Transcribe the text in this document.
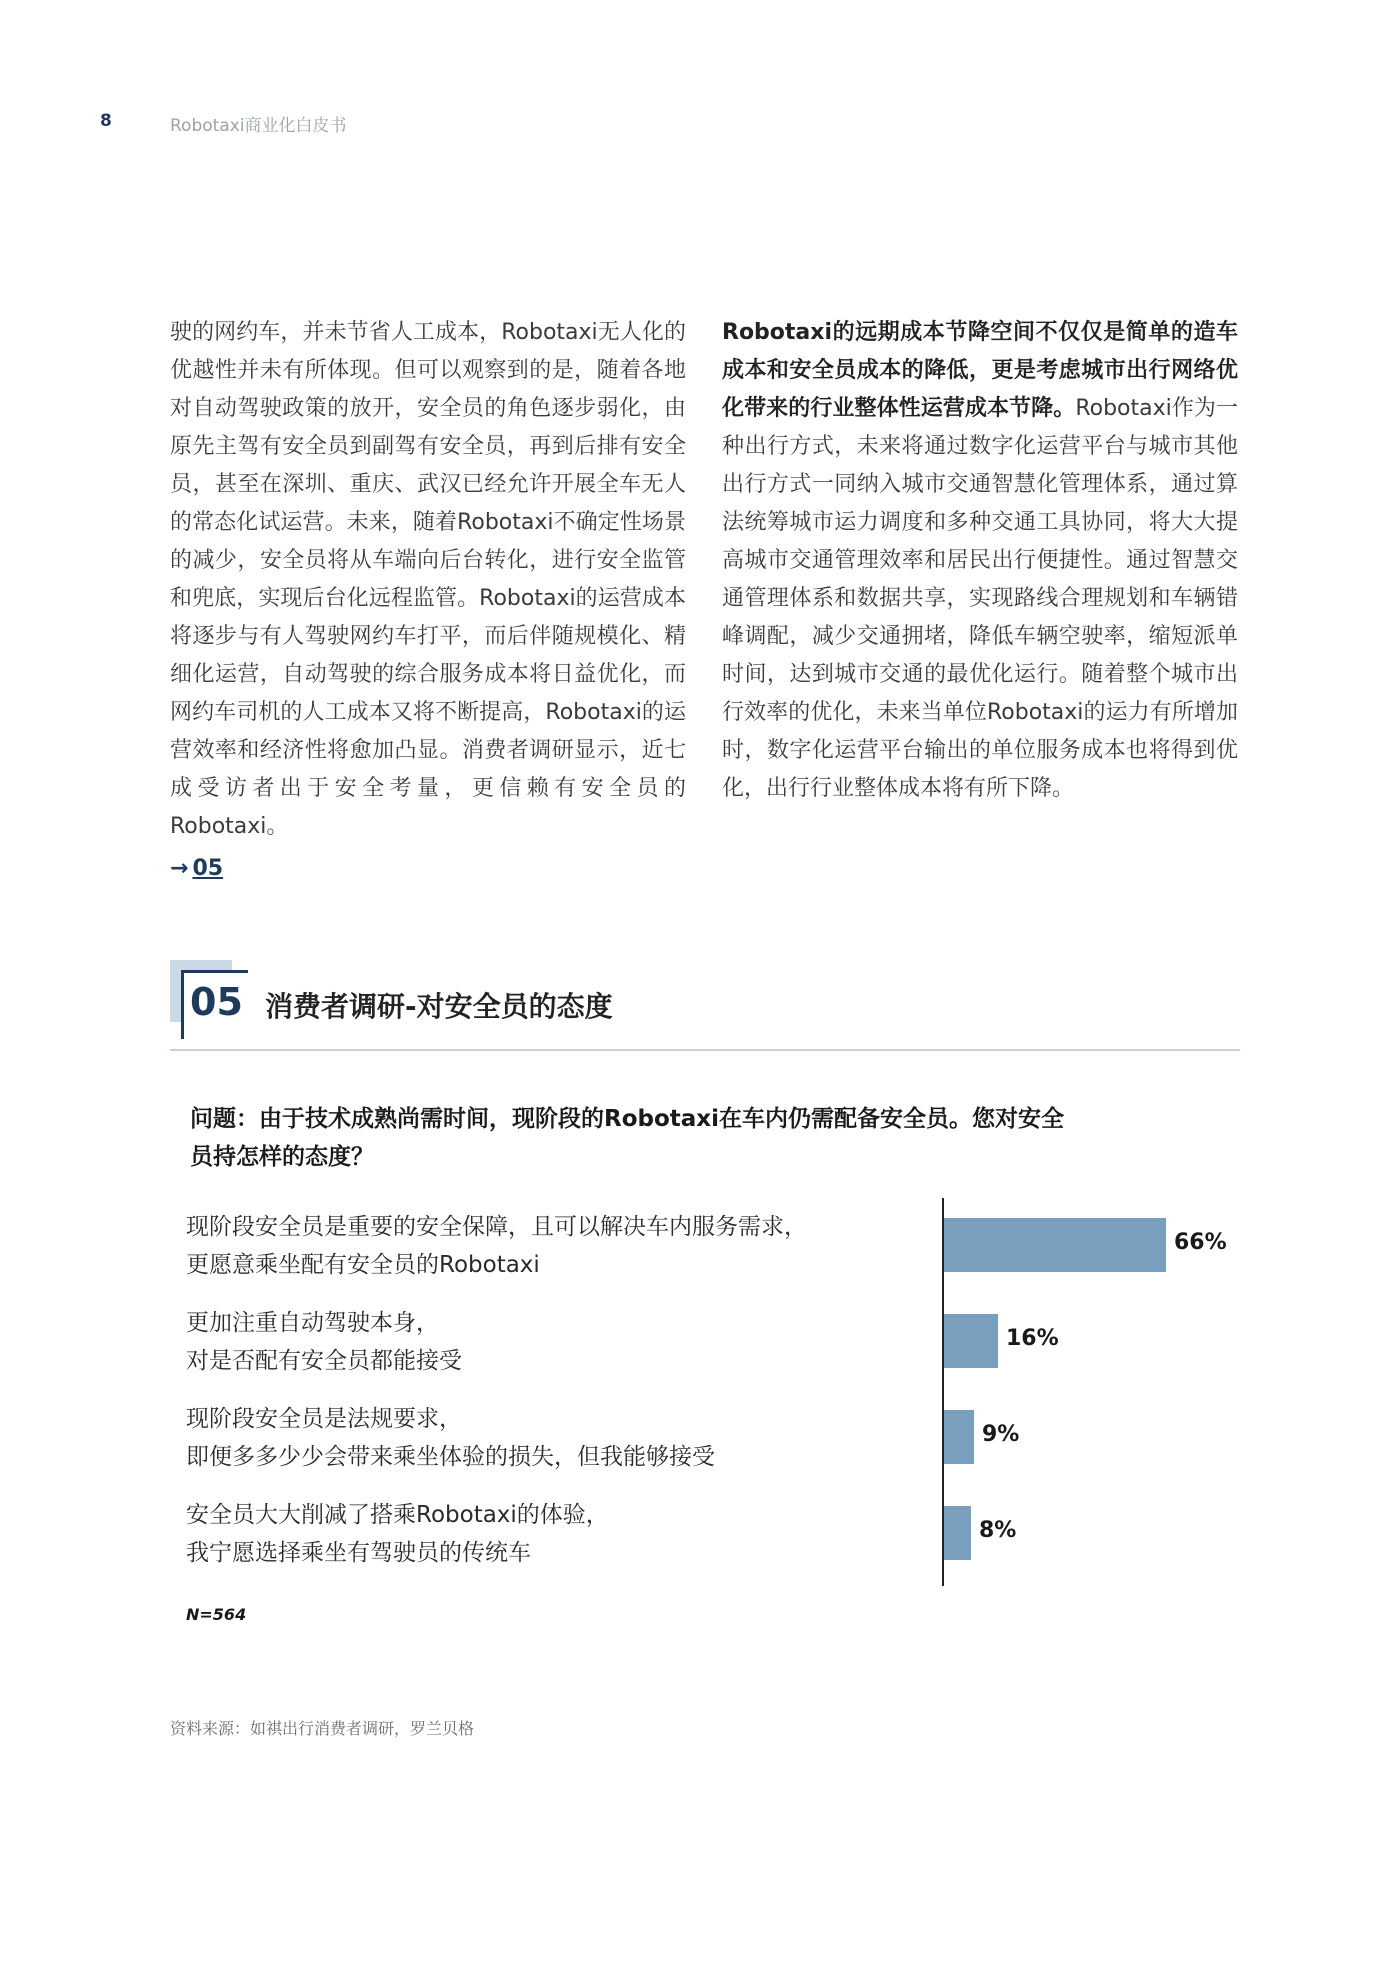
8	Robotaxi商业化白皮书

驶的网约车，并未节省人工成本，Robotaxi无人化的优越性并未有所体现。但可以观察到的是，随着各地对自动驾驶政策的放开，安全员的角色逐步弱化，由原先主驾有安全员到副驾有安全员，再到后排有安全员，甚至在深圳、重庆、武汉已经允许开展全车无人的常态化试运营。未来，随着Robotaxi不确定性场景的减少，安全员将从车端向后台转化，进行安全监管和兜底，实现后台化远程监管。Robotaxi的运营成本将逐步与有人驾驶网约车打平，而后伴随规模化、精细化运营，自动驾驶的综合服务成本将日益优化，而网约车司机的人工成本又将不断提高，Robotaxi的运营效率和经济性将愈加凸显。消费者调研显示，近七成受访者出于安全考量，更信赖有安全员的Robotaxi。

→ 05

Robotaxi的远期成本节降空间不仅仅是简单的造车成本和安全员成本的降低，更是考虑城市出行网络优化带来的行业整体性运营成本节降。Robotaxi作为一种出行方式，未来将通过数字化运营平台与城市其他出行方式一同纳入城市交通智慧化管理体系，通过算法统筹城市运力调度和多种交通工具协同，将大大提高城市交通管理效率和居民出行便捷性。通过智慧交通管理体系和数据共享，实现路线合理规划和车辆错峰调配，减少交通拥堵，降低车辆空驶率，缩短派单时间，达到城市交通的最优化运行。随着整个城市出行效率的优化，未来当单位Robotaxi的运力有所增加时，数字化运营平台输出的单位服务成本也将得到优化，出行行业整体成本将有所下降。

05 消费者调研-对安全员的态度
问题：由于技术成熟尚需时间，现阶段的Robotaxi在车内仍需配备安全员。您对安全
员持怎样的态度？
现阶段安全员是重要的安全保障，且可以解决车内服务需求，
更愿意乘坐配有安全员的Robotaxi
66%
更加注重自动驾驶本身，
对是否配有安全员都能接受
16%
现阶段安全员是法规要求，
即便多多少少会带来乘坐体验的损失，但我能够接受
9%
安全员大大削减了搭乘Robotaxi的体验，
我宁愿选择乘坐有驾驶员的传统车
8%
N=564
资料来源：如祺出行消费者调研，罗兰贝格
